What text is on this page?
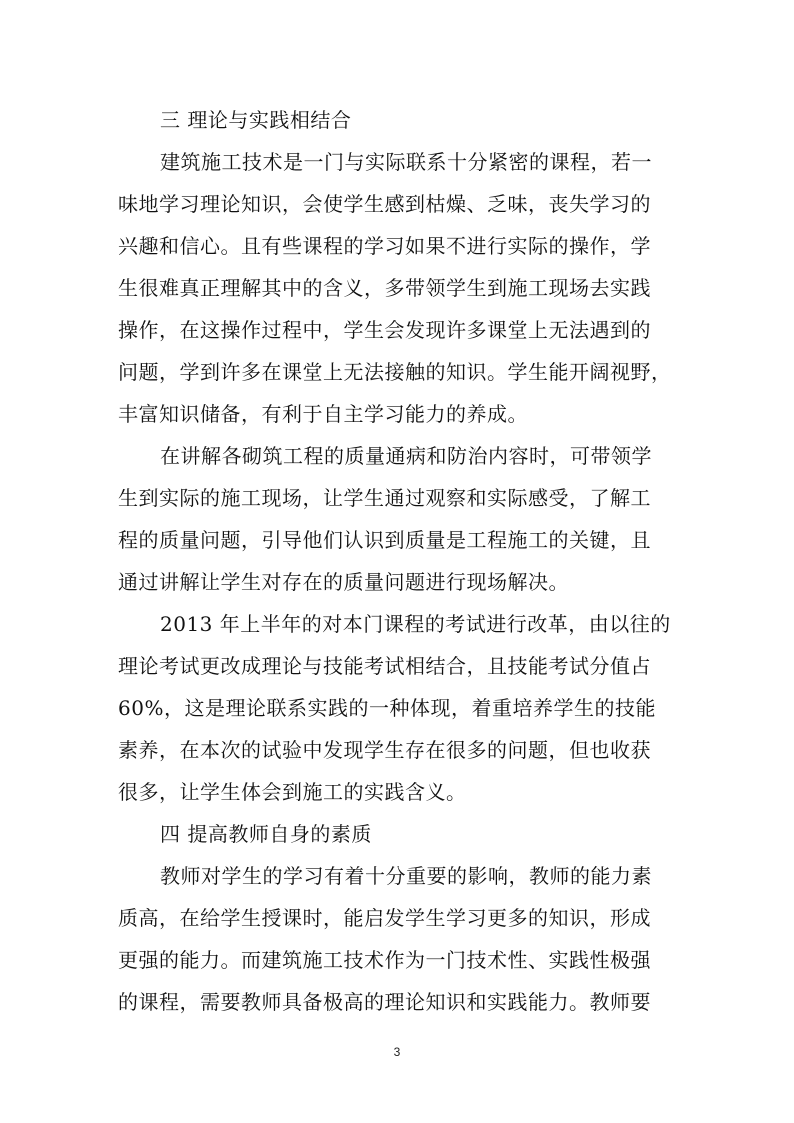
三 理论与实践相结合
建筑施工技术是一门与实际联系十分紧密的课程，若一
味地学习理论知识，会使学生感到枯燥、乏味，丧失学习的
兴趣和信心。且有些课程的学习如果不进行实际的操作，学
生很难真正理解其中的含义，多带领学生到施工现场去实践
操作，在这操作过程中，学生会发现许多课堂上无法遇到的
问题，学到许多在课堂上无法接触的知识。学生能开阔视野，
丰富知识储备，有利于自主学习能力的养成。
在讲解各砌筑工程的质量通病和防治内容时，可带领学
生到实际的施工现场，让学生通过观察和实际感受，了解工
程的质量问题，引导他们认识到质量是工程施工的关键，且
通过讲解让学生对存在的质量问题进行现场解决。
2013 年上半年的对本门课程的考试进行改革，由以往的
理论考试更改成理论与技能考试相结合，且技能考试分值占
60%，这是理论联系实践的一种体现，着重培养学生的技能
素养，在本次的试验中发现学生存在很多的问题，但也收获
很多，让学生体会到施工的实践含义。
四 提高教师自身的素质
教师对学生的学习有着十分重要的影响，教师的能力素
质高，在给学生授课时，能启发学生学习更多的知识，形成
更强的能力。而建筑施工技术作为一门技术性、实践性极强
的课程，需要教师具备极高的理论知识和实践能力。教师要
3
